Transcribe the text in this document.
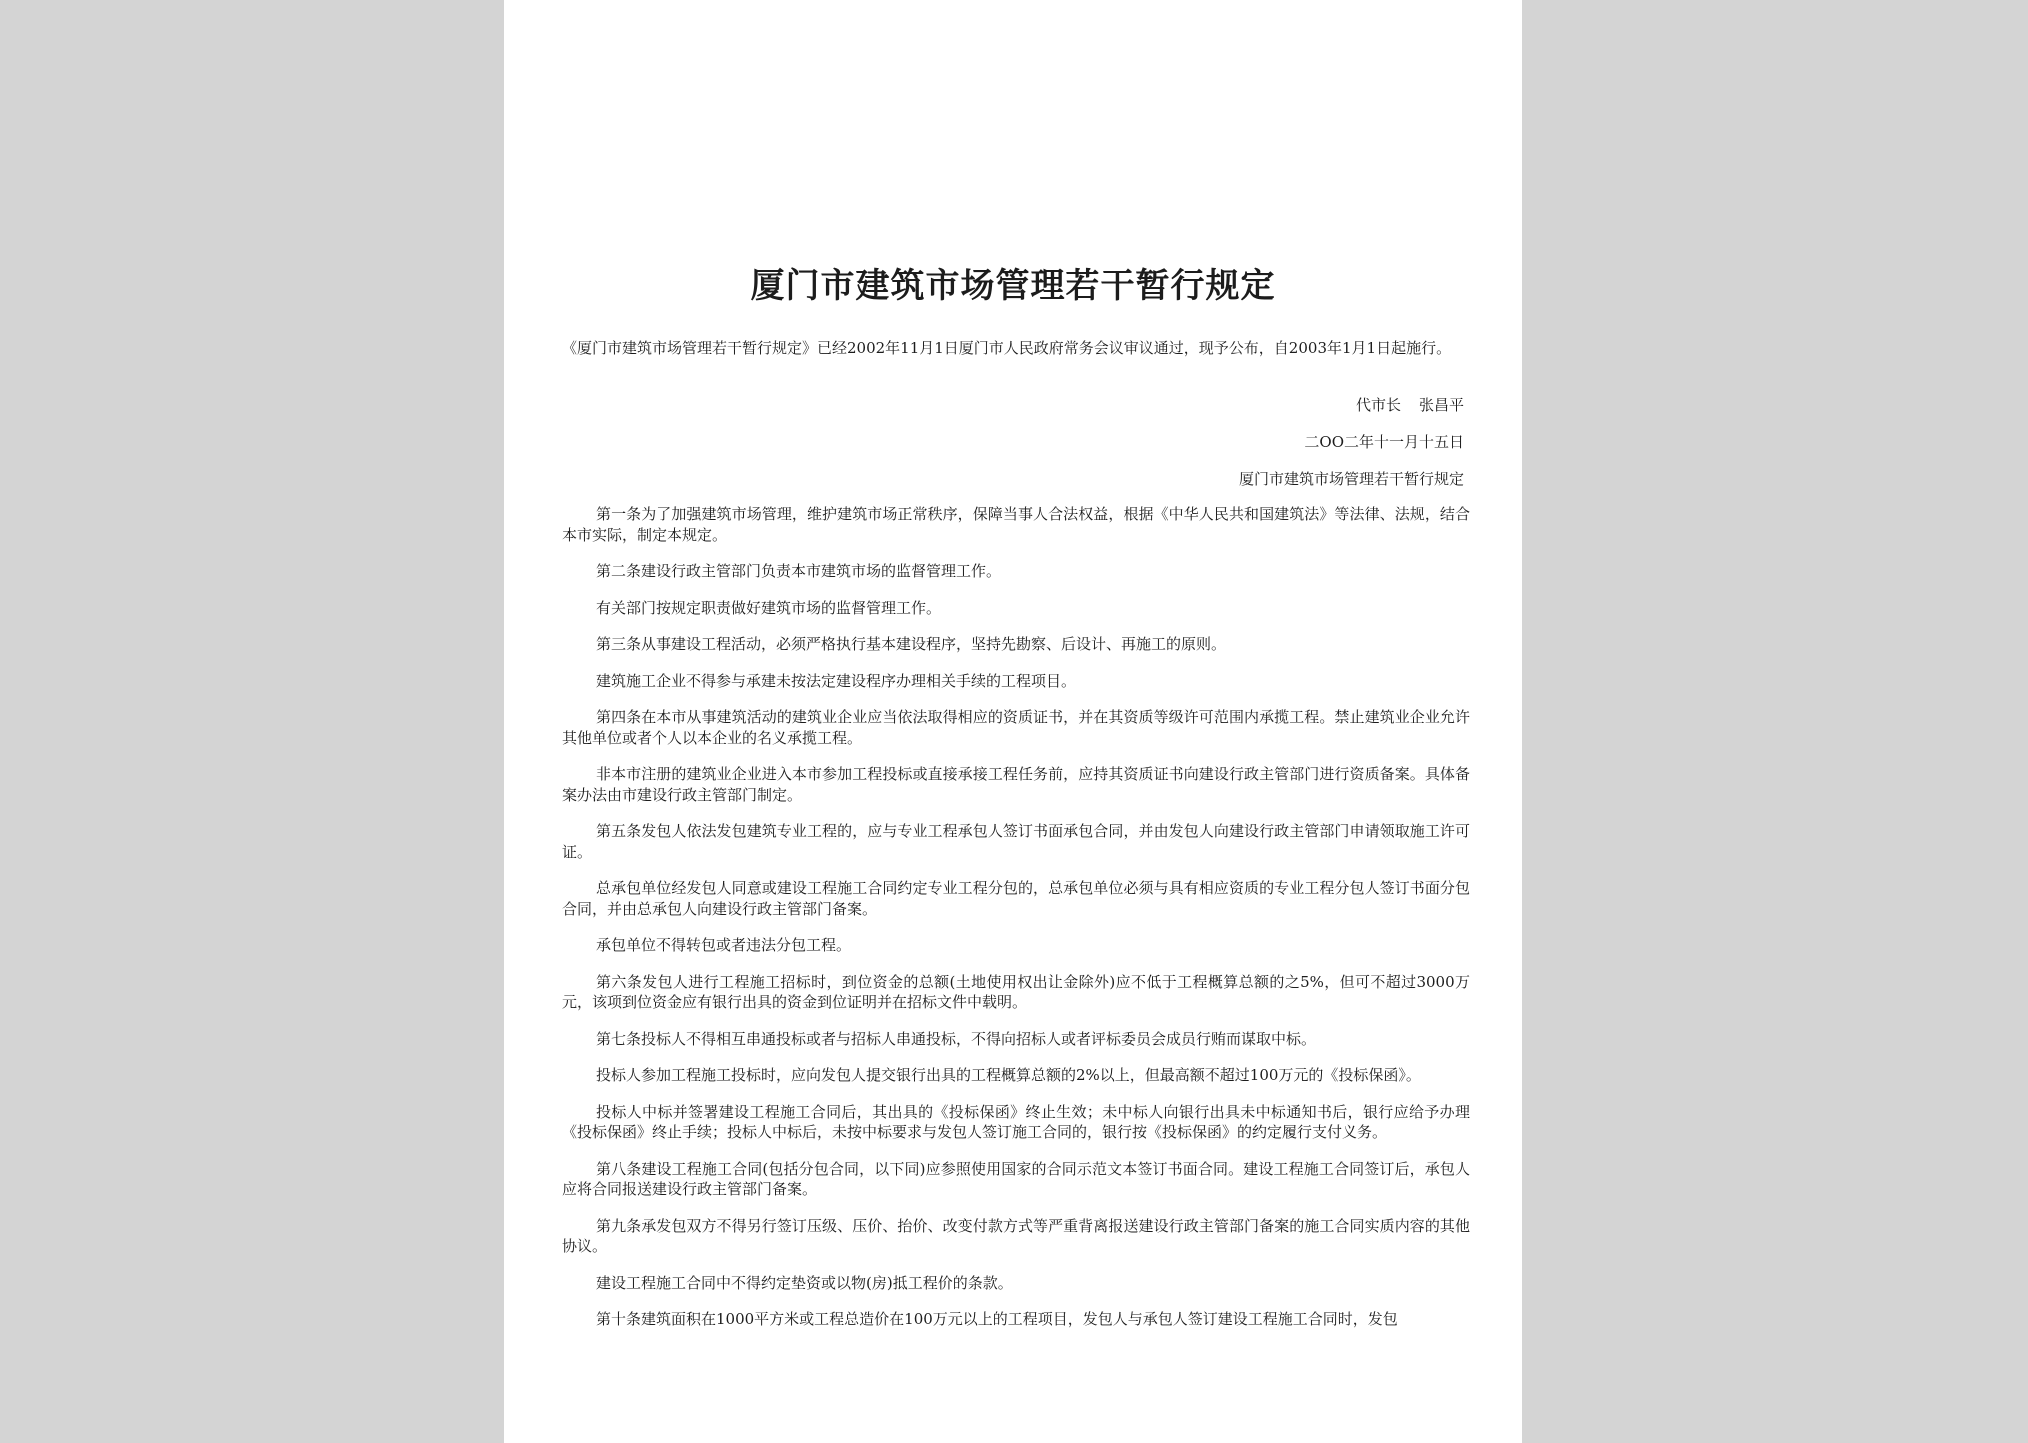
厦门市建筑市场管理若干暂行规定

《厦门市建筑市场管理若干暂行规定》已经2002年11月1日厦门市人民政府常务会议审议通过，现予公布，自2003年1月1日起施行。

代市长 张昌平
二OO二年十一月十五日
厦门市建筑市场管理若干暂行规定

第一条为了加强建筑市场管理，维护建筑市场正常秩序，保障当事人合法权益，根据《中华人民共和国建筑法》等法律、法规，结合本市实际，制定本规定。

第二条建设行政主管部门负责本市建筑市场的监督管理工作。

有关部门按规定职责做好建筑市场的监督管理工作。

第三条从事建设工程活动，必须严格执行基本建设程序，坚持先勘察、后设计、再施工的原则。

建筑施工企业不得参与承建未按法定建设程序办理相关手续的工程项目。

第四条在本市从事建筑活动的建筑业企业应当依法取得相应的资质证书，并在其资质等级许可范围内承揽工程。禁止建筑业企业允许其他单位或者个人以本企业的名义承揽工程。

非本市注册的建筑业企业进入本市参加工程投标或直接承接工程任务前，应持其资质证书向建设行政主管部门进行资质备案。具体备案办法由市建设行政主管部门制定。

第五条发包人依法发包建筑专业工程的，应与专业工程承包人签订书面承包合同，并由发包人向建设行政主管部门申请领取施工许可证。

总承包单位经发包人同意或建设工程施工合同约定专业工程分包的，总承包单位必须与具有相应资质的专业工程分包人签订书面分包合同，并由总承包人向建设行政主管部门备案。

承包单位不得转包或者违法分包工程。

第六条发包人进行工程施工招标时，到位资金的总额(土地使用权出让金除外)应不低于工程概算总额的之5%，但可不超过3000万元，该项到位资金应有银行出具的资金到位证明并在招标文件中载明。

第七条投标人不得相互串通投标或者与招标人串通投标，不得向招标人或者评标委员会成员行贿而谋取中标。

投标人参加工程施工投标时，应向发包人提交银行出具的工程概算总额的2%以上，但最高额不超过100万元的《投标保函》。

投标人中标并签署建设工程施工合同后，其出具的《投标保函》终止生效；未中标人向银行出具未中标通知书后，银行应给予办理《投标保函》终止手续；投标人中标后，未按中标要求与发包人签订施工合同的，银行按《投标保函》的约定履行支付义务。

第八条建设工程施工合同(包括分包合同，以下同)应参照使用国家的合同示范文本签订书面合同。建设工程施工合同签订后，承包人应将合同报送建设行政主管部门备案。

第九条承发包双方不得另行签订压级、压价、抬价、改变付款方式等严重背离报送建设行政主管部门备案的施工合同实质内容的其他协议。

建设工程施工合同中不得约定垫资或以物(房)抵工程价的条款。

第十条建筑面积在1000平方米或工程总造价在100万元以上的工程项目，发包人与承包人签订建设工程施工合同时，发包
